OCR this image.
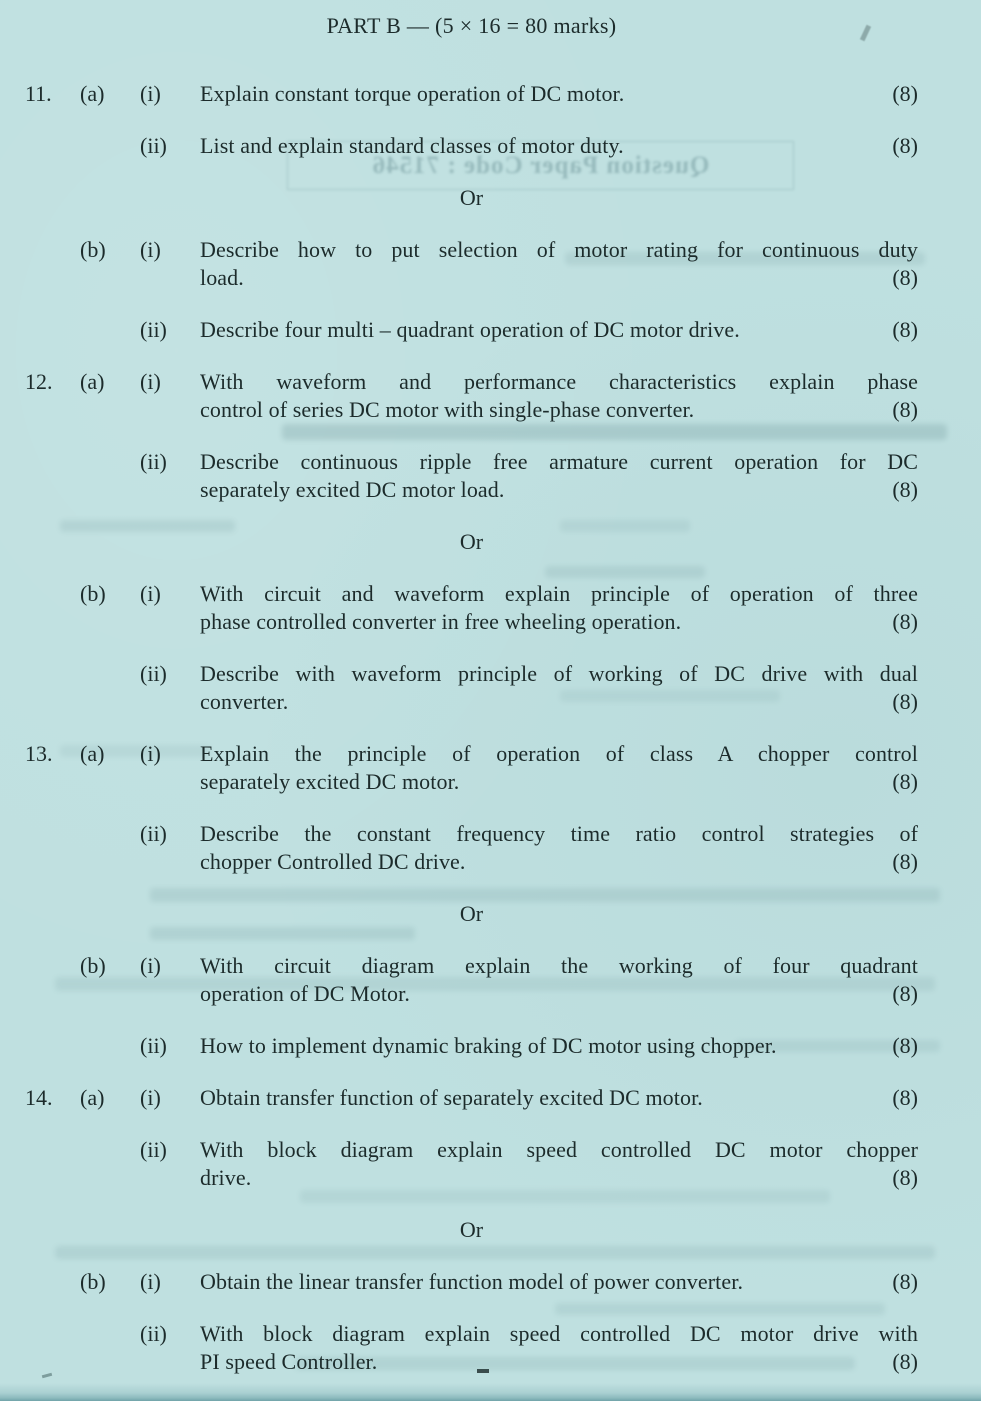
Question Paper Code : 71546
PART B — (5 × 16 = 80 marks)
11.	(a)	(i)	Explain constant torque operation of DC motor.	(8)
(ii)	List and explain standard classes of motor duty.	(8)
Or
(b)	(i)	Describe how to put selection of motor rating for continuous duty
load.	(8)
(ii)	Describe four multi – quadrant operation of DC motor drive.	(8)
12.	(a)	(i)	With waveform and performance characteristics explain phase
control of series DC motor with single-phase converter.	(8)
(ii)	Describe continuous ripple free armature current operation for DC
separately excited DC motor load.	(8)
Or
(b)	(i)	With circuit and waveform explain principle of operation of three
phase controlled converter in free wheeling operation.	(8)
(ii)	Describe with waveform principle of working of DC drive with dual
converter.	(8)
13.	(a)	(i)	Explain the principle of operation of class A chopper control
separately excited DC motor.	(8)
(ii)	Describe the constant frequency time ratio control strategies of
chopper Controlled DC drive.	(8)
Or
(b)	(i)	With circuit diagram explain the working of four quadrant
operation of DC Motor.	(8)
(ii)	How to implement dynamic braking of DC motor using chopper.	(8)
14.	(a)	(i)	Obtain transfer function of separately excited DC motor.	(8)
(ii)	With block diagram explain speed controlled DC motor chopper
drive.	(8)
Or
(b)	(i)	Obtain the linear transfer function model of power converter.	(8)
(ii)	With block diagram explain speed controlled DC motor drive with
PI speed Controller.	(8)
